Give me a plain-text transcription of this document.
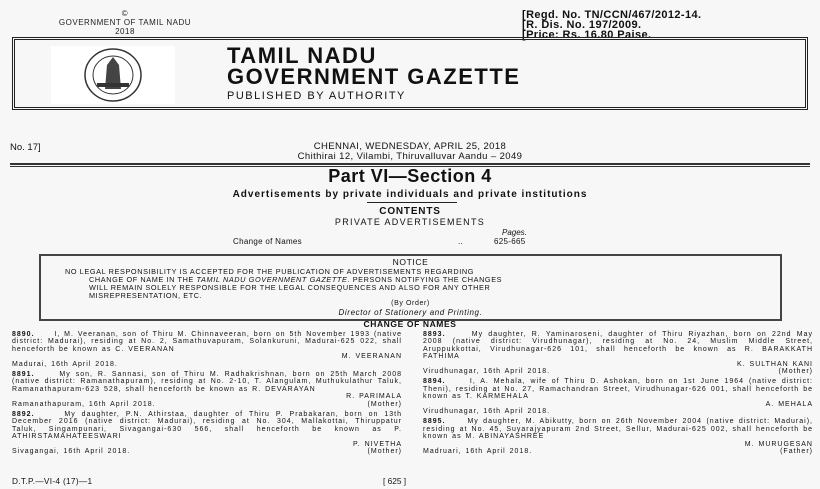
©
GOVERNMENT OF TAMIL NADU
2018
[Regd. No. TN/CCN/467/2012-14.
[R. Dis. No. 197/2009.
[Price: Rs. 16.80 Paise.
TAMIL NADU
GOVERNMENT GAZETTE
PUBLISHED BY AUTHORITY
No. 17]	CHENNAI, WEDNESDAY, APRIL 25, 2018
Chithirai 12, Vilambi, Thiruvalluvar Aandu – 2049
Part VI—Section 4
Advertisements by private individuals and private institutions
CONTENTS
PRIVATE ADVERTISEMENTS
Pages.
Change of Names	..	625-665
NOTICE
NO LEGAL RESPONSIBILITY IS ACCEPTED FOR THE PUBLICATION OF ADVERTISEMENTS REGARDING
CHANGE OF NAME IN THE TAMIL NADU GOVERNMENT GAZETTE. PERSONS NOTIFYING THE CHANGES
WILL REMAIN SOLELY RESPONSIBLE FOR THE LEGAL CONSEQUENCES AND ALSO FOR ANY OTHER
MISREPRESENTATION, ETC.
(By Order)
Director of Stationery and Printing.
CHANGE OF NAMES

8890.	I, M. Veeranan, son of Thiru M. Chinnaveeran, born on 5th November 1993 (native district: Madurai), residing at No. 2, Samathuvapuram, Solankuruni, Madurai-625 022, shall henceforth be known as C. VEERANAN

M. VEERANAN
Madurai, 16th April 2018.

8891.	My son, R. Sannasi, son of Thiru M. Radhakrishnan, born on 25th March 2008 (native district: Ramanathapuram), residing at No. 2-10, T. Alangulam, Muthukulathur Taluk, Ramanathapuram-623 528, shall henceforth be known as R. DEVARAYAN

R. PARIMALA
Ramanathapuram, 16th April 2018.	(Mother)

8892.	My daughter, P.N. Athirstaa, daughter of Thiru P. Prabakaran, born on 13th December 2016 (native district: Madurai), residing at No. 304, Mallakottai, Thiruppatur Taluk, Singampunari, Sivagangai-630 566, shall henceforth be known as P. ATHIRSTAMAHATEESWARI

P. NIVETHA
Sivagangai, 16th April 2018.	(Mother)

8893.	My daughter, R. Yaminaroseni, daughter of Thiru Riyazhan, born on 22nd May 2008 (native district: Virudhunagar), residing at No. 24, Muslim Middle Street, Aruppukkottai, Virudhunagar-626 101, shall henceforth be known as R. BARAKKATH FATHIMA

K. SULTHAN KANI
Virudhunagar, 16th April 2018.	(Mother)

8894.	I, A. Mehala, wife of Thiru D. Ashokan, born on 1st June 1964 (native district: Theni), residing at No. 27, Ramachandran Street, Virudhunagar-626 001, shall henceforth be known as T. KARMEHALA

A. MEHALA
Virudhunagar, 16th April 2018.

8895.	My daughter, M. Abikutty, born on 26th November 2004 (native district: Madurai), residing at No. 45, Suyarajyapuram 2nd Street, Sellur, Madurai-625 002, shall henceforth be known as M. ABINAYASHREE

M. MURUGESAN
Madruari, 16th April 2018.	(Father)
D.T.P.—VI-4 (17)—1	[ 625 ]
